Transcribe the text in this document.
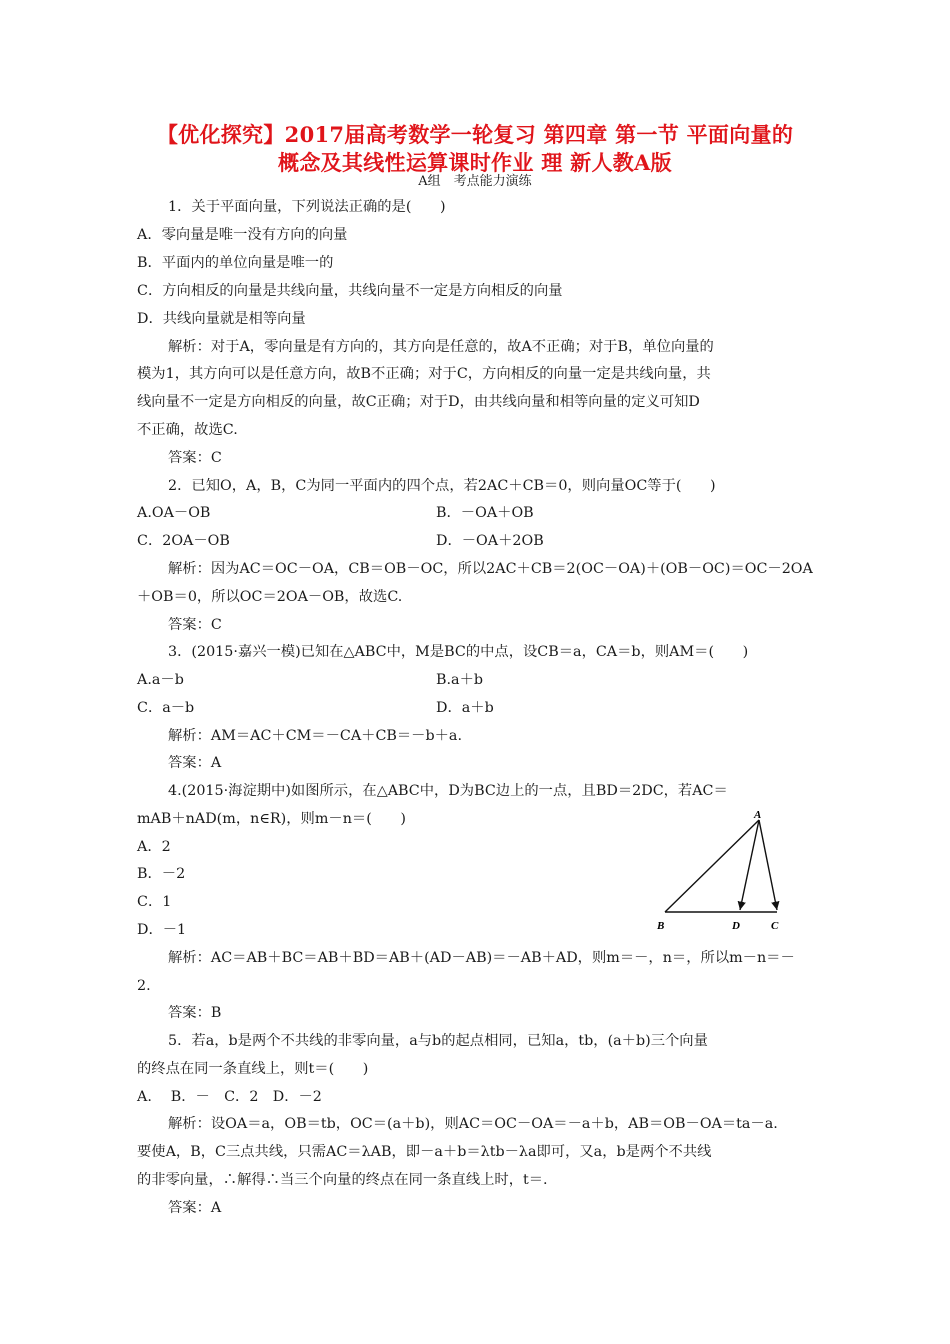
【优化探究】2017届高考数学一轮复习 第四章 第一节 平面向量的
概念及其线性运算课时作业 理 新人教A版
A组　考点能力演练
1．关于平面向量，下列说法正确的是(　　)
A．零向量是唯一没有方向的向量
B．平面内的单位向量是唯一的
C．方向相反的向量是共线向量，共线向量不一定是方向相反的向量
D．共线向量就是相等向量
解析：对于A，零向量是有方向的，其方向是任意的，故A不正确；对于B，单位向量的
模为1，其方向可以是任意方向，故B不正确；对于C，方向相反的向量一定是共线向量，共
线向量不一定是方向相反的向量，故C正确；对于D，由共线向量和相等向量的定义可知D
不正确，故选C.
答案：C
2．已知O，A，B，C为同一平面内的四个点，若2AC＋CB＝0，则向量OC等于(　　)
A.OA－OB	B．－OA＋OB
C．2OA－OB	D．－OA＋2OB
解析：因为AC＝OC－OA，CB＝OB－OC，所以2AC＋CB＝2(OC－OA)＋(OB－OC)＝OC－2OA
＋OB＝0，所以OC＝2OA－OB，故选C.
答案：C
3．(2015·嘉兴一模)已知在△ABC中，M是BC的中点，设CB＝a，CA＝b，则AM＝(　　)
A.a－b	B.a＋b
C．a－b	D．a＋b
解析：AM＝AC＋CM＝－CA＋CB＝－b＋a.
答案：A
4.(2015·海淀期中)如图所示，在△ABC中，D为BC边上的一点，且BD＝2DC，若AC＝
mAB＋nAD(m，n∈R)，则m－n＝(　　)
A．2
B．－2
C．1
D．－1
A
B	D	C
解析：AC＝AB＋BC＝AB＋BD＝AB＋(AD－AB)＝－AB＋AD，则m＝－，n＝，所以m－n＝－
2.
答案：B
5．若a，b是两个不共线的非零向量，a与b的起点相同，已知a，tb，(a＋b)三个向量
的终点在同一条直线上，则t＝(　　)
A.　 B．－　C．2　D．－2
解析：设OA＝a，OB＝tb，OC＝(a＋b)，则AC＝OC－OA＝－a＋b，AB＝OB－OA＝ta－a.
要使A，B，C三点共线，只需AC＝λAB，即－a＋b＝λtb－λa即可，又a，b是两个不共线
的非零向量，∴解得∴当三个向量的终点在同一条直线上时，t＝.
答案：A
